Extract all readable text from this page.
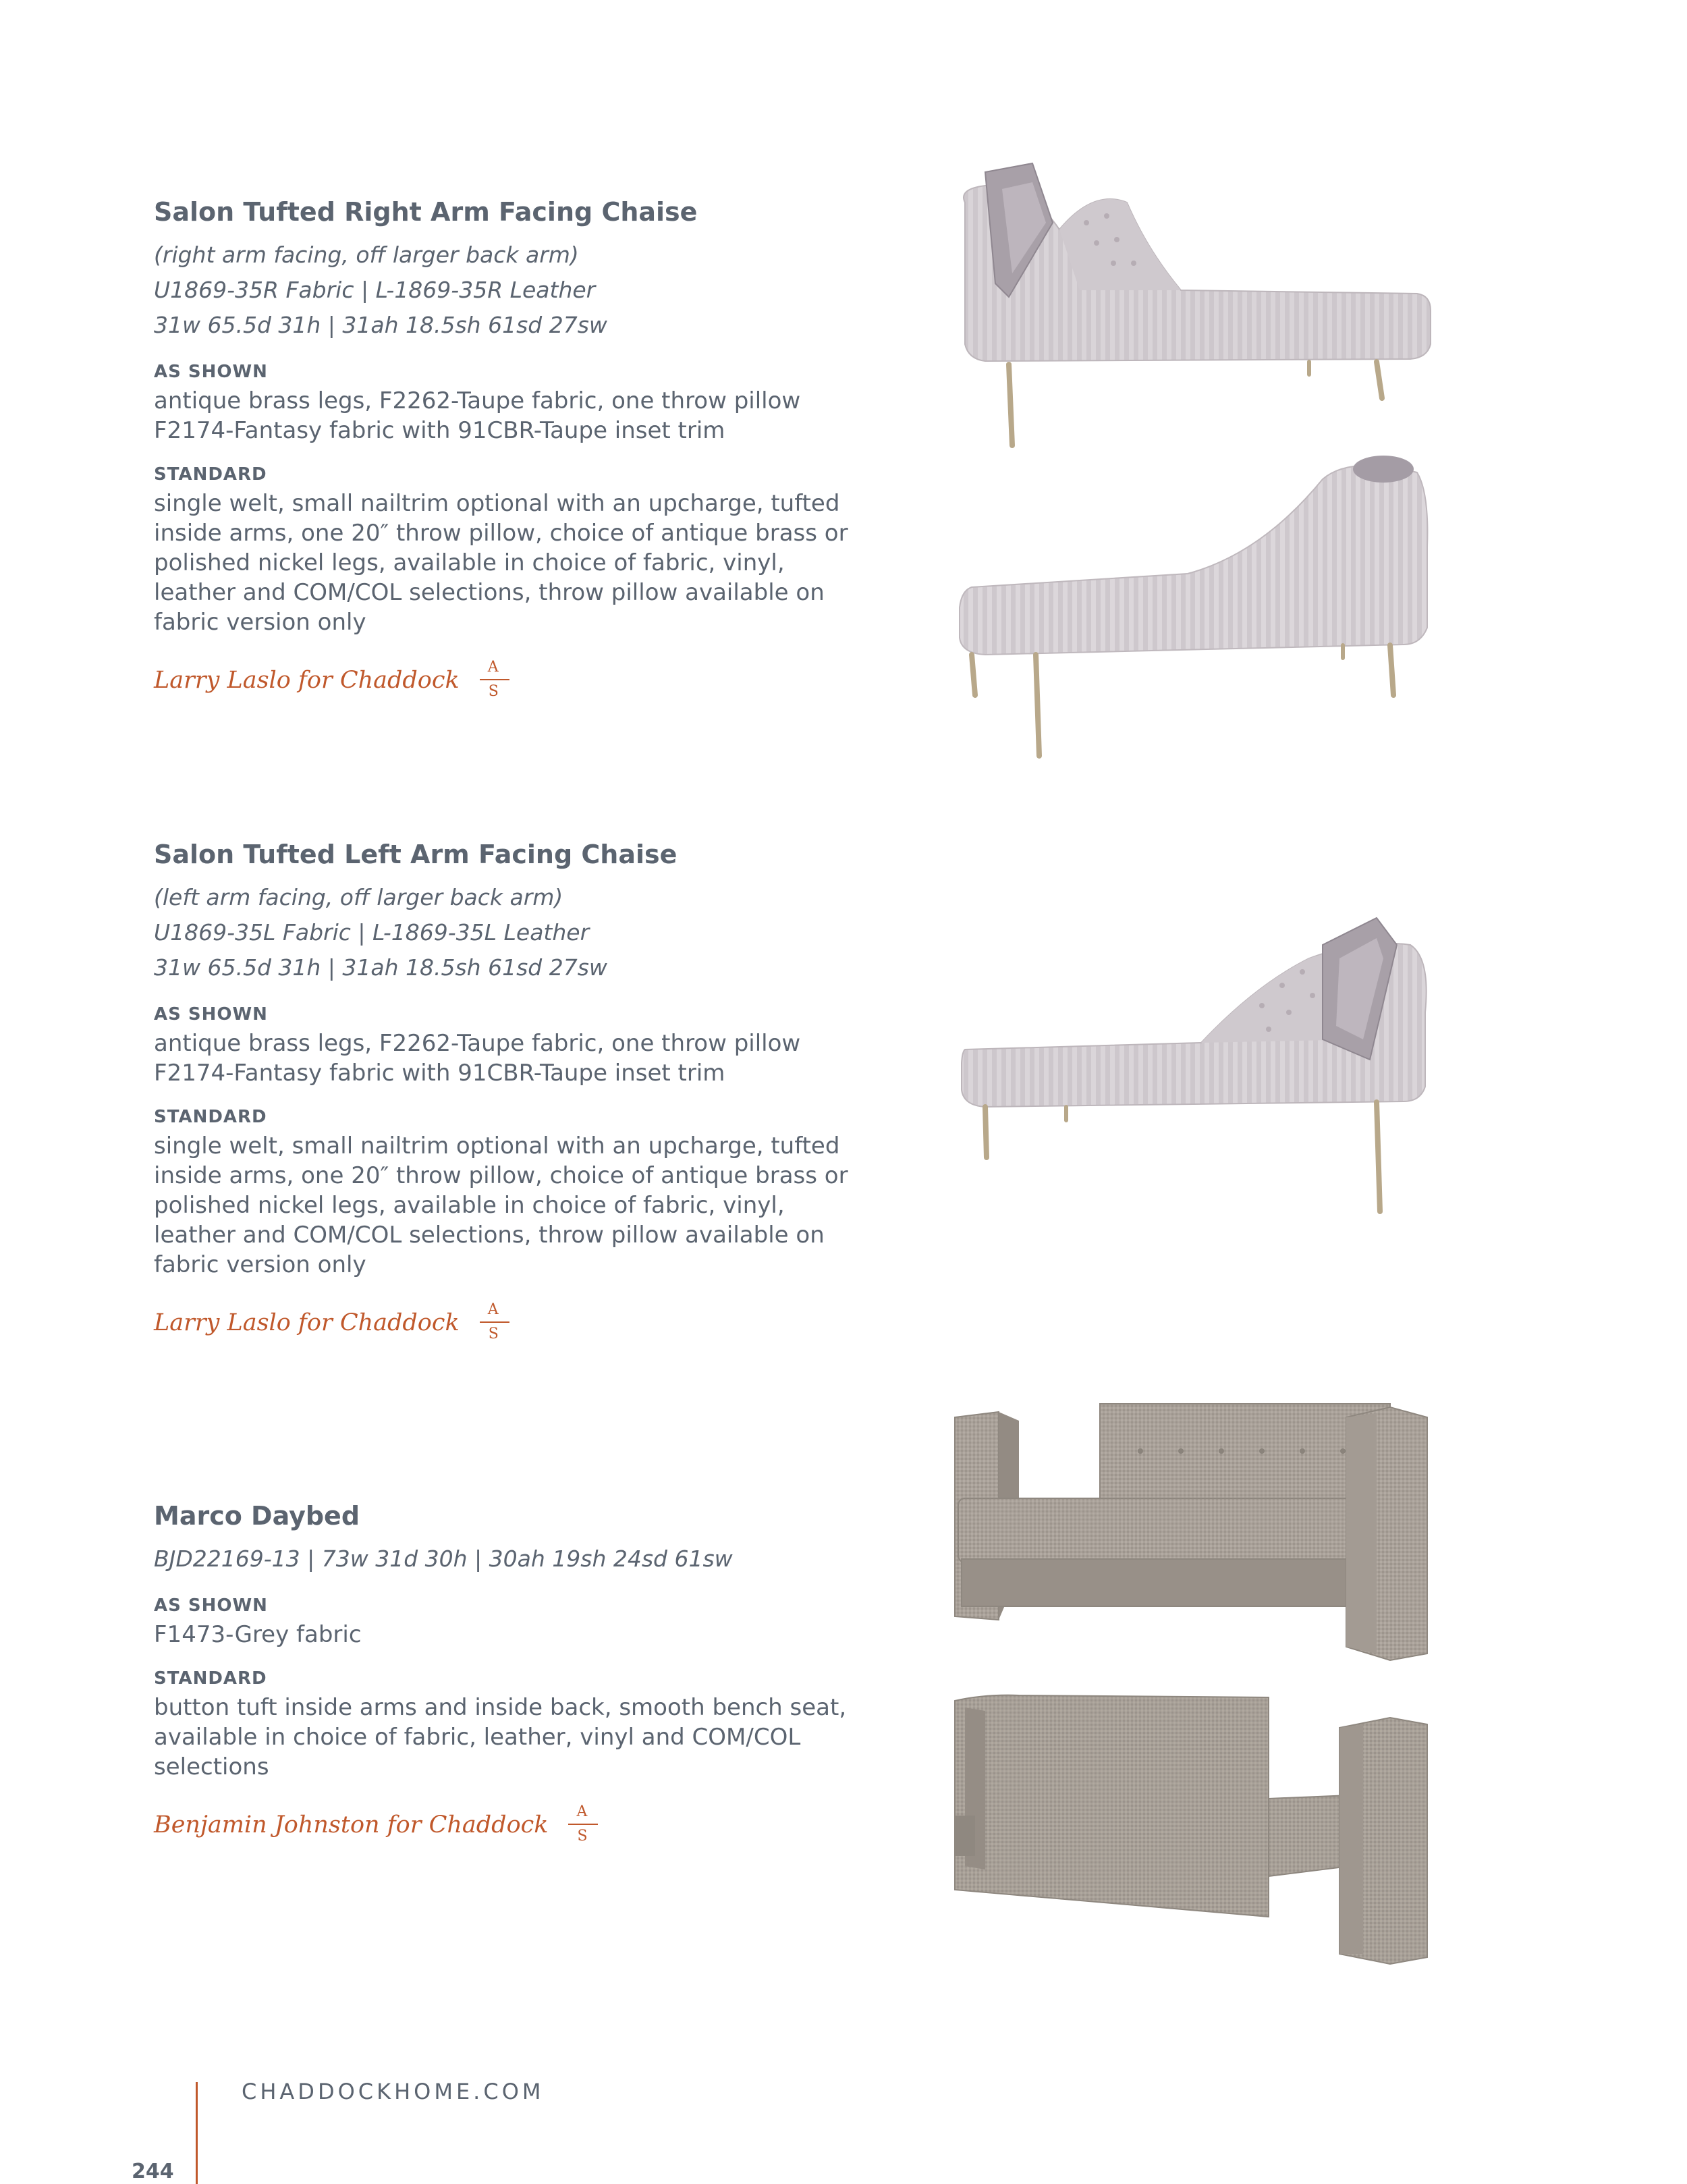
Salon Tufted Right Arm Facing Chaise

(right arm facing, off larger back arm)

U1869-35R Fabric | L-1869-35R Leather

31w 65.5d 31h | 31ah 18.5sh 61sd 27sw

AS SHOWN

antique brass legs, F2262-Taupe fabric, one throw pillow F2174-Fantasy fabric with 91CBR-Taupe inset trim

STANDARD

single welt, small nailtrim optional with an upcharge, tufted inside arms, one 20″ throw pillow, choice of antique brass or polished nickel legs, available in choice of fabric, vinyl, leather and COM/COL selections, throw pillow available on fabric version only

Larry Laslo for Chaddock A
S
Salon Tufted Left Arm Facing Chaise

(left arm facing, off larger back arm)

U1869-35L Fabric | L-1869-35L Leather

31w 65.5d 31h | 31ah 18.5sh 61sd 27sw

AS SHOWN

antique brass legs, F2262-Taupe fabric, one throw pillow F2174-Fantasy fabric with 91CBR-Taupe inset trim

STANDARD

single welt, small nailtrim optional with an upcharge, tufted inside arms, one 20″ throw pillow, choice of antique brass or polished nickel legs, available in choice of fabric, vinyl, leather and COM/COL selections, throw pillow available on fabric version only

Larry Laslo for Chaddock A
S
Marco Daybed

BJD22169-13 | 73w 31d 30h | 30ah 19sh 24sd 61sw

AS SHOWN

F1473-Grey fabric

STANDARD

button tuft inside arms and inside back, smooth bench seat, available in choice of fabric, leather, vinyl and COM/COL selections

Benjamin Johnston for Chaddock A
S
CHADDOCKHOME.COM
244
